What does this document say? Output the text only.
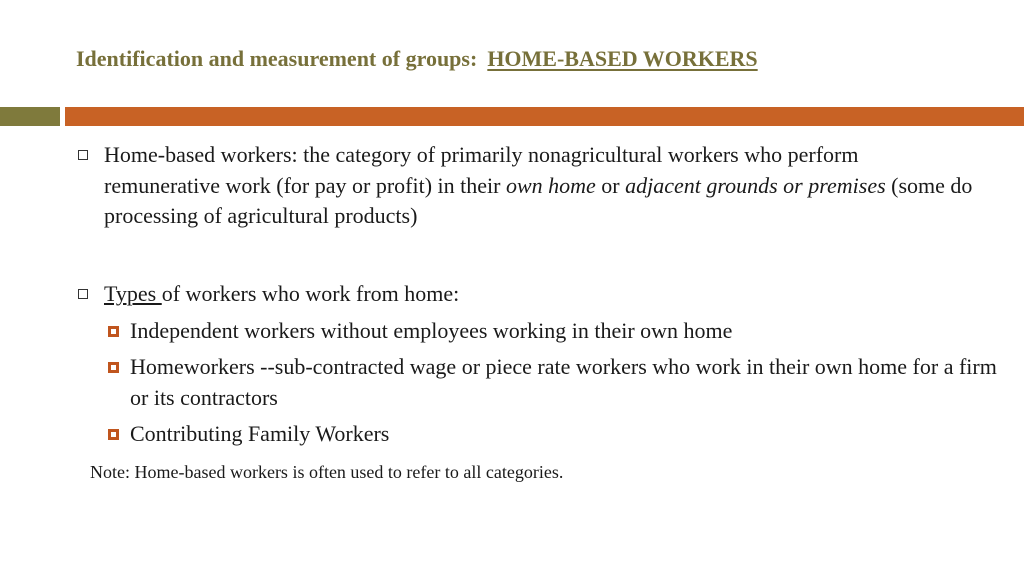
Identification and measurement of groups: HOME-BASED WORKERS
Home-based workers: the category of primarily nonagricultural workers who perform remunerative work (for pay or profit) in their own home or adjacent grounds or premises (some do processing of agricultural products)
Types of workers who work from home:
Independent workers without employees working in their own home
Homeworkers --sub-contracted wage or piece rate workers who work in their own home for a firm or its contractors
Contributing Family Workers
Note: Home-based workers is often used to refer to all categories.
